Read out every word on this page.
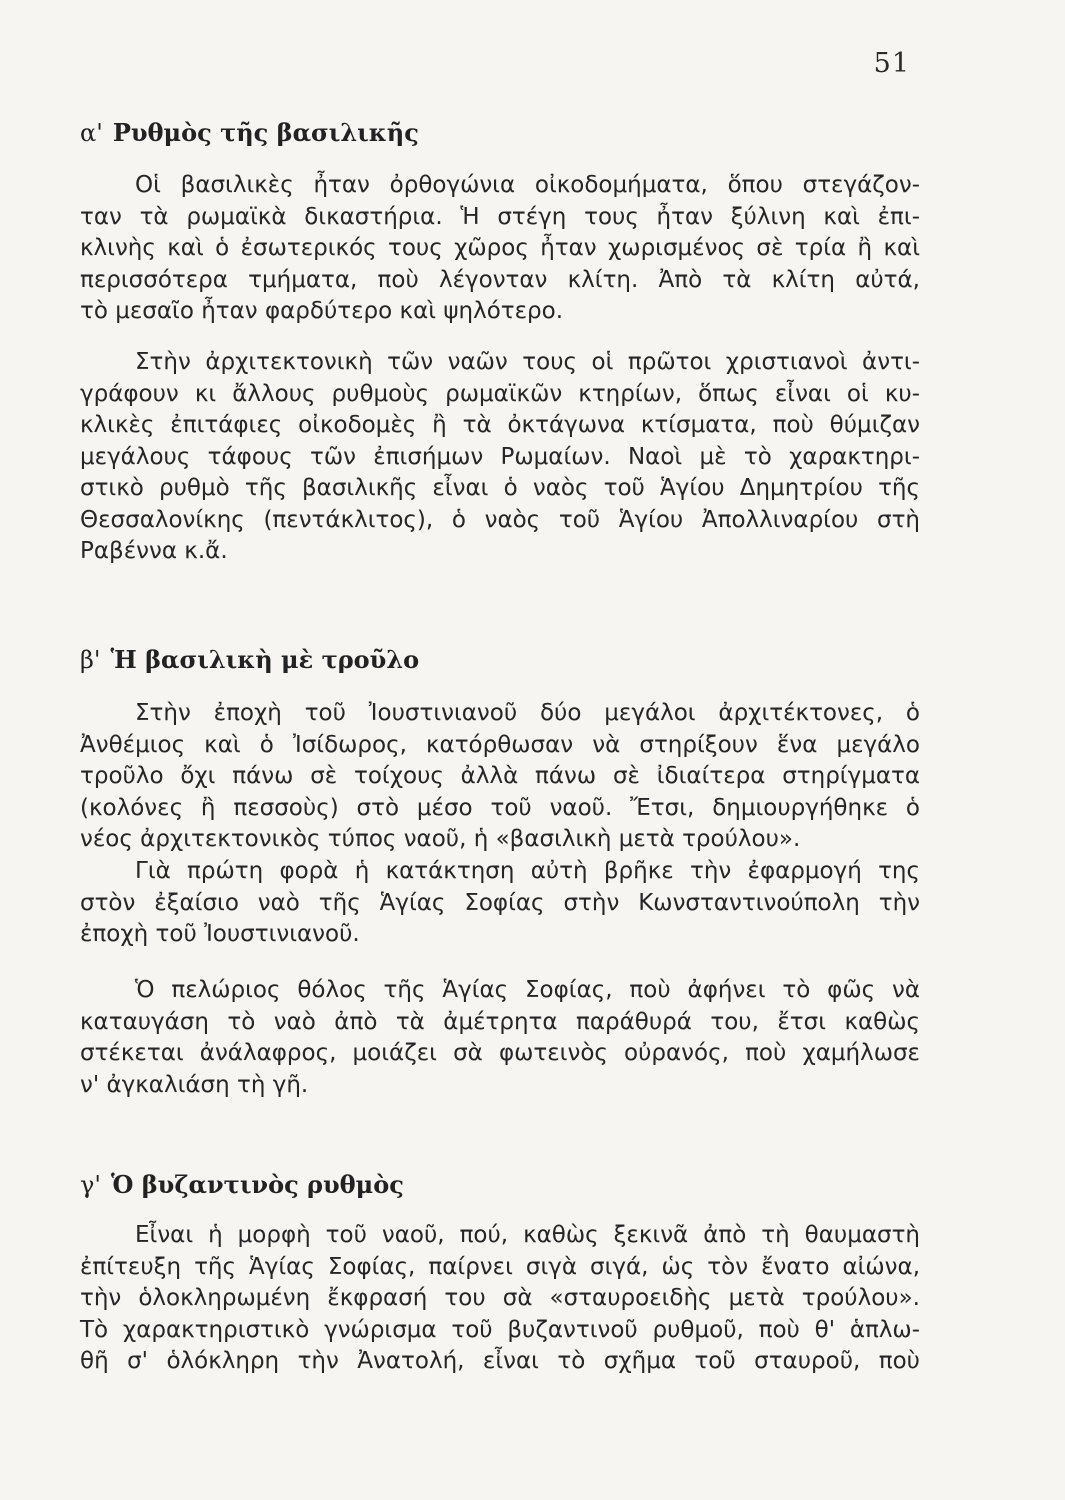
51
α' Ρυθμὸς τῆς βασιλικῆς
Οἱ βασιλικὲς ἦταν ὀρθογώνια οἰκοδομήματα, ὅπου στεγάζον-
ταν τὰ ρωμαϊκὰ δικαστήρια. Ἡ στέγη τους ἦταν ξύλινη καὶ ἐπι-
κλινὴς καὶ ὁ ἐσωτερικός τους χῶρος ἦταν χωρισμένος σὲ τρία ἢ καὶ
περισσότερα τμήματα, ποὺ λέγονταν κλίτη. Ἀπὸ τὰ κλίτη αὐτά,
τὸ μεσαῖο ἦταν φαρδύτερο καὶ ψηλότερο.
Στὴν ἀρχιτεκτονικὴ τῶν ναῶν τους οἱ πρῶτοι χριστιανοὶ ἀντι-
γράφουν κι ἄλλους ρυθμοὺς ρωμαϊκῶν κτηρίων, ὅπως εἶναι οἱ κυ-
κλικὲς ἐπιτάφιες οἰκοδομὲς ἢ τὰ ὀκτάγωνα κτίσματα, ποὺ θύμιζαν
μεγάλους τάφους τῶν ἐπισήμων Ρωμαίων. Ναοὶ μὲ τὸ χαρακτηρι-
στικὸ ρυθμὸ τῆς βασιλικῆς εἶναι ὁ ναὸς τοῦ Ἁγίου Δημητρίου τῆς
Θεσσαλονίκης (πεντάκλιτος), ὁ ναὸς τοῦ Ἁγίου Ἀπολλιναρίου στὴ
Ραβέννα κ.ἄ.
β' Ἡ βασιλικὴ μὲ τροῦλο
Στὴν ἐποχὴ τοῦ Ἰουστινιανοῦ δύο μεγάλοι ἀρχιτέκτονες, ὁ
Ἀνθέμιος καὶ ὁ Ἰσίδωρος, κατόρθωσαν νὰ στηρίξουν ἕνα μεγάλο
τροῦλο ὄχι πάνω σὲ τοίχους ἀλλὰ πάνω σὲ ἰδιαίτερα στηρίγματα
(κολόνες ἢ πεσσοὺς) στὸ μέσο τοῦ ναοῦ. Ἔτσι, δημιουργήθηκε ὁ
νέος ἀρχιτεκτονικὸς τύπος ναοῦ, ἡ «βασιλικὴ μετὰ τρούλου».
Γιὰ πρώτη φορὰ ἡ κατάκτηση αὐτὴ βρῆκε τὴν ἐφαρμογή της
στὸν ἐξαίσιο ναὸ τῆς Ἁγίας Σοφίας στὴν Κωνσταντινούπολη τὴν
ἐποχὴ τοῦ Ἰουστινιανοῦ.
Ὁ πελώριος θόλος τῆς Ἁγίας Σοφίας, ποὺ ἀφήνει τὸ φῶς νὰ
καταυγάση τὸ ναὸ ἀπὸ τὰ ἀμέτρητα παράθυρά του, ἔτσι καθὼς
στέκεται ἀνάλαφρος, μοιάζει σὰ φωτεινὸς οὐρανός, ποὺ χαμήλωσε
ν' ἀγκαλιάση τὴ γῆ.
γ' Ὁ βυζαντινὸς ρυθμὸς
Εἶναι ἡ μορφὴ τοῦ ναοῦ, πού, καθὼς ξεκινᾶ ἀπὸ τὴ θαυμαστὴ
ἐπίτευξη τῆς Ἁγίας Σοφίας, παίρνει σιγὰ σιγά, ὡς τὸν ἔνατο αἰώνα,
τὴν ὁλοκληρωμένη ἔκφρασή του σὰ «σταυροειδὴς μετὰ τρούλου».
Τὸ χαρακτηριστικὸ γνώρισμα τοῦ βυζαντινοῦ ρυθμοῦ, ποὺ θ' ἁπλω-
θῆ σ' ὁλόκληρη τὴν Ἀνατολή, εἶναι τὸ σχῆμα τοῦ σταυροῦ, ποὺ
